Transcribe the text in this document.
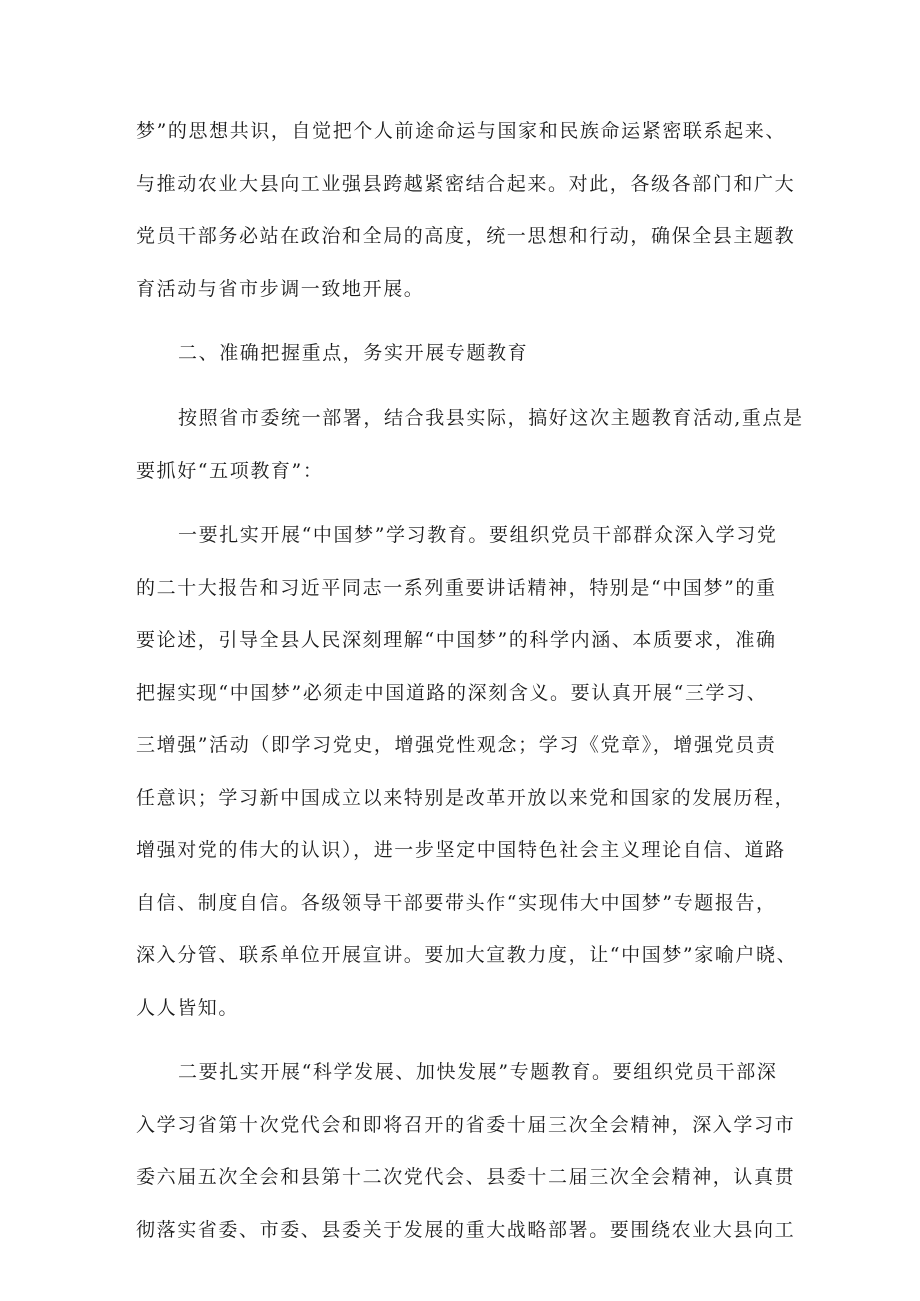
梦”的思想共识，自觉把个人前途命运与国家和民族命运紧密联系起来、
与推动农业大县向工业强县跨越紧密结合起来。对此，各级各部门和广大
党员干部务必站在政治和全局的高度，统一思想和行动，确保全县主题教
育活动与省市步调一致地开展。
二、准确把握重点，务实开展专题教育
按照省市委统一部署，结合我县实际，搞好这次主题教育活动,重点是
要抓好“五项教育”：
一要扎实开展“中国梦”学习教育。要组织党员干部群众深入学习党
的二十大报告和习近平同志一系列重要讲话精神，特别是“中国梦”的重
要论述，引导全县人民深刻理解“中国梦”的科学内涵、本质要求，准确
把握实现“中国梦”必须走中国道路的深刻含义。要认真开展“三学习、
三增强”活动（即学习党史，增强党性观念；学习《党章》，增强党员责
任意识；学习新中国成立以来特别是改革开放以来党和国家的发展历程，
增强对党的伟大的认识），进一步坚定中国特色社会主义理论自信、道路
自信、制度自信。各级领导干部要带头作“实现伟大中国梦”专题报告，
深入分管、联系单位开展宣讲。要加大宣教力度，让“中国梦”家喻户晓、
人人皆知。
二要扎实开展“科学发展、加快发展”专题教育。要组织党员干部深
入学习省第十次党代会和即将召开的省委十届三次全会精神，深入学习市
委六届五次全会和县第十二次党代会、县委十二届三次全会精神，认真贯
彻落实省委、市委、县委关于发展的重大战略部署。要围绕农业大县向工
